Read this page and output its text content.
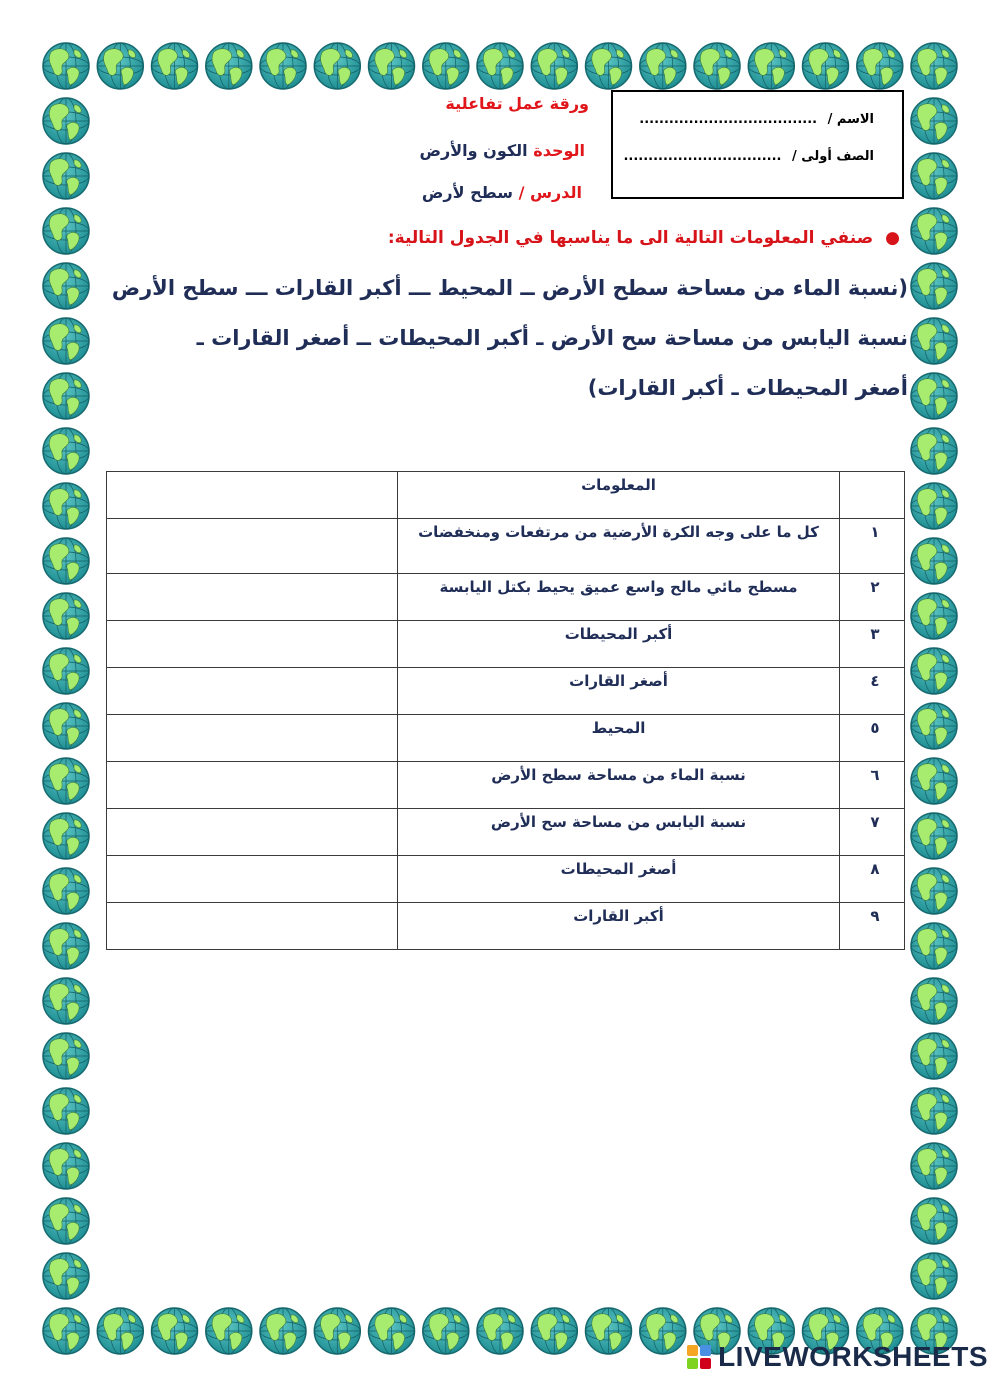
الاسم / ....................................
الصف أولى / ................................
ورقة عمل تفاعلية
الوحدة الكون والأرض
الدرس / سطح لأرض
●صنفي المعلومات التالية الى ما يناسبها في الجدول التالية:
(نسبة الماء من مساحة سطح الأرض ــ المحيط ـــ أكبر القارات ـــ سطح الأرض
نسبة اليابس من مساحة سح الأرض ـ أكبر المحيطات ــ أصغر القارات ـ
أصغر المحيطات ـ أكبر القارات)
	المعلومات	
١	كل ما على وجه الكرة الأرضية من مرتفعات ومنخفضات	
٢	مسطح مائي مالح واسع عميق يحيط بكتل اليابسة	
٣	أكبر المحيطات	
٤	أصغر القارات	
٥	المحيط	
٦	نسبة الماء من مساحة سطح الأرض	
٧	نسبة اليابس من مساحة سح الأرض	
٨	أصغر المحيطات	
٩	أكبر القارات	
LIVEWORKSHEETS
